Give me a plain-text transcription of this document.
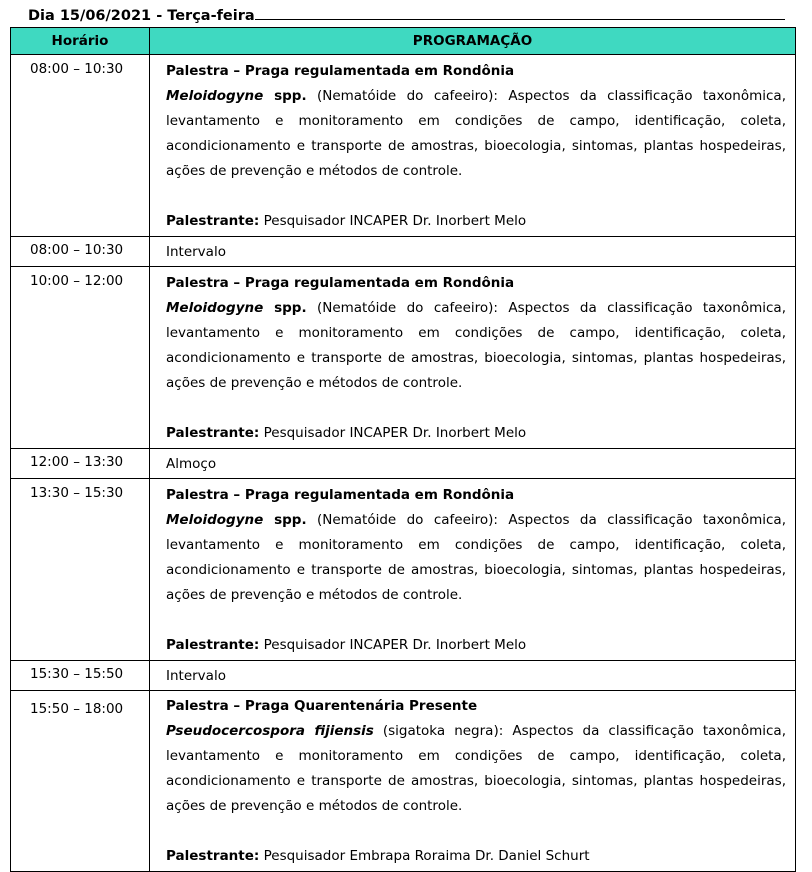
Dia 15/06/2021 - Terça-feira
Horário	PROGRAMAÇÃO
08:00 – 10:30	Palestra – Praga regulamentada em Rondônia
Meloidogyne spp. (Nematóide do cafeeiro): Aspectos da classificação taxonômica, levantamento e monitoramento em condições de campo, identificação, coleta, acondicionamento e transporte de amostras, bioecologia, sintomas, plantas hospedeiras, ações de prevenção e métodos de controle.
Palestrante: Pesquisador INCAPER Dr. Inorbert Melo

08:00 – 10:30	Intervalo
10:00 – 12:00	Palestra – Praga regulamentada em Rondônia
Meloidogyne spp. (Nematóide do cafeeiro): Aspectos da classificação taxonômica, levantamento e monitoramento em condições de campo, identificação, coleta, acondicionamento e transporte de amostras, bioecologia, sintomas, plantas hospedeiras, ações de prevenção e métodos de controle.
Palestrante: Pesquisador INCAPER Dr. Inorbert Melo

12:00 – 13:30	Almoço
13:30 – 15:30	Palestra – Praga regulamentada em Rondônia
Meloidogyne spp. (Nematóide do cafeeiro): Aspectos da classificação taxonômica, levantamento e monitoramento em condições de campo, identificação, coleta, acondicionamento e transporte de amostras, bioecologia, sintomas, plantas hospedeiras, ações de prevenção e métodos de controle.
Palestrante: Pesquisador INCAPER Dr. Inorbert Melo

15:30 – 15:50	Intervalo
15:50 – 18:00	Palestra – Praga Quarentenária Presente
Pseudocercospora fijiensis (sigatoka negra): Aspectos da classificação taxonômica, levantamento e monitoramento em condições de campo, identificação, coleta, acondicionamento e transporte de amostras, bioecologia, sintomas, plantas hospedeiras, ações de prevenção e métodos de controle.
Palestrante: Pesquisador Embrapa Roraima Dr. Daniel Schurt
